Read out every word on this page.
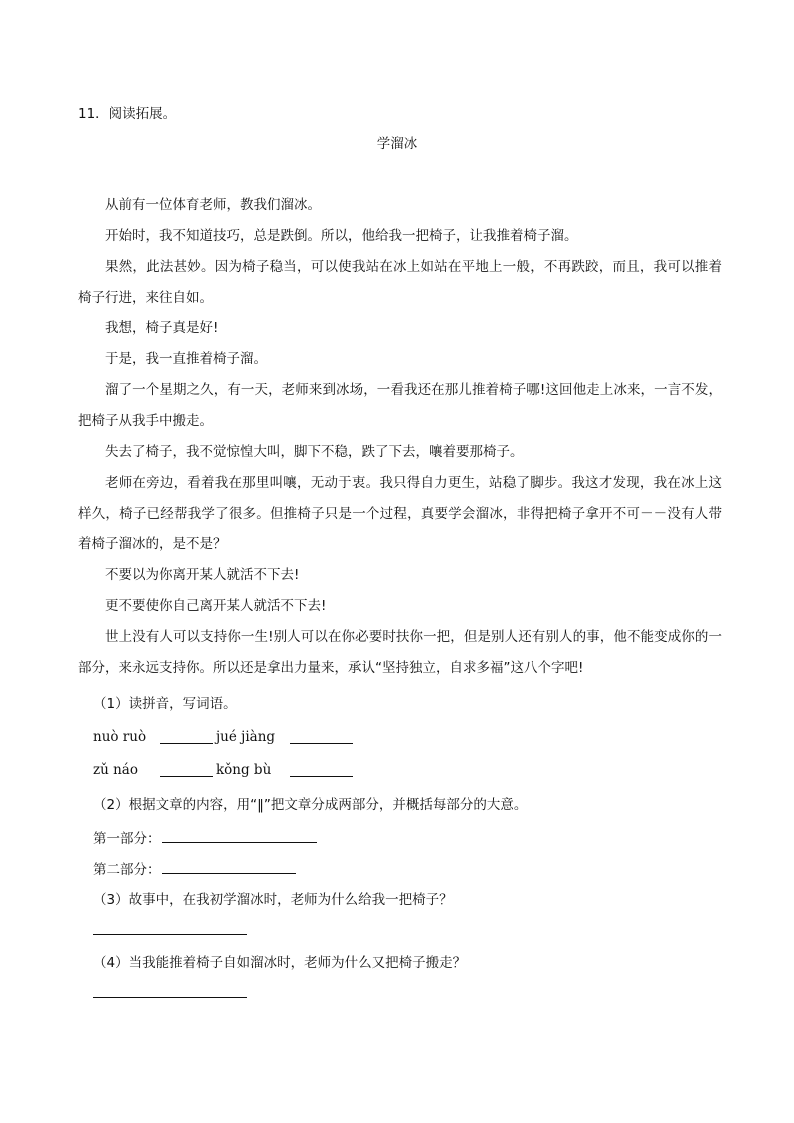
11．阅读拓展。
学溜冰
从前有一位体育老师，教我们溜冰。
开始时，我不知道技巧，总是跌倒。所以，他给我一把椅子，让我推着椅子溜。
果然，此法甚妙。因为椅子稳当，可以使我站在冰上如站在平地上一般，不再跌跤，而且，我可以推着椅子行进，来往自如。
我想，椅子真是好!
于是，我一直推着椅子溜。
溜了一个星期之久，有一天，老师来到冰场，一看我还在那儿推着椅子哪!这回他走上冰来，一言不发，把椅子从我手中搬走。
失去了椅子，我不觉惊惶大叫，脚下不稳，跌了下去，嚷着要那椅子。
老师在旁边，看着我在那里叫嚷，无动于衷。我只得自力更生，站稳了脚步。我这才发现，我在冰上这样久，椅子已经帮我学了很多。但推椅子只是一个过程，真要学会溜冰，非得把椅子拿开不可－－没有人带着椅子溜冰的，是不是？
不要以为你离开某人就活不下去!
更不要使你自己离开某人就活不下去!
世上没有人可以支持你一生!别人可以在你必要时扶你一把，但是别人还有别人的事，他不能变成你的一部分，来永远支持你。所以还是拿出力量来，承认“坚持独立，自求多福”这八个字吧!
（1）读拼音，写词语。
nuò ruò	jué jiàng
zǔ náo	kǒng bù
（2）根据文章的内容，用“‖”把文章分成两部分，并概括每部分的大意。
第一部分：
第二部分：
（3）故事中，在我初学溜冰时，老师为什么给我一把椅子？
（4）当我能推着椅子自如溜冰时，老师为什么又把椅子搬走？
